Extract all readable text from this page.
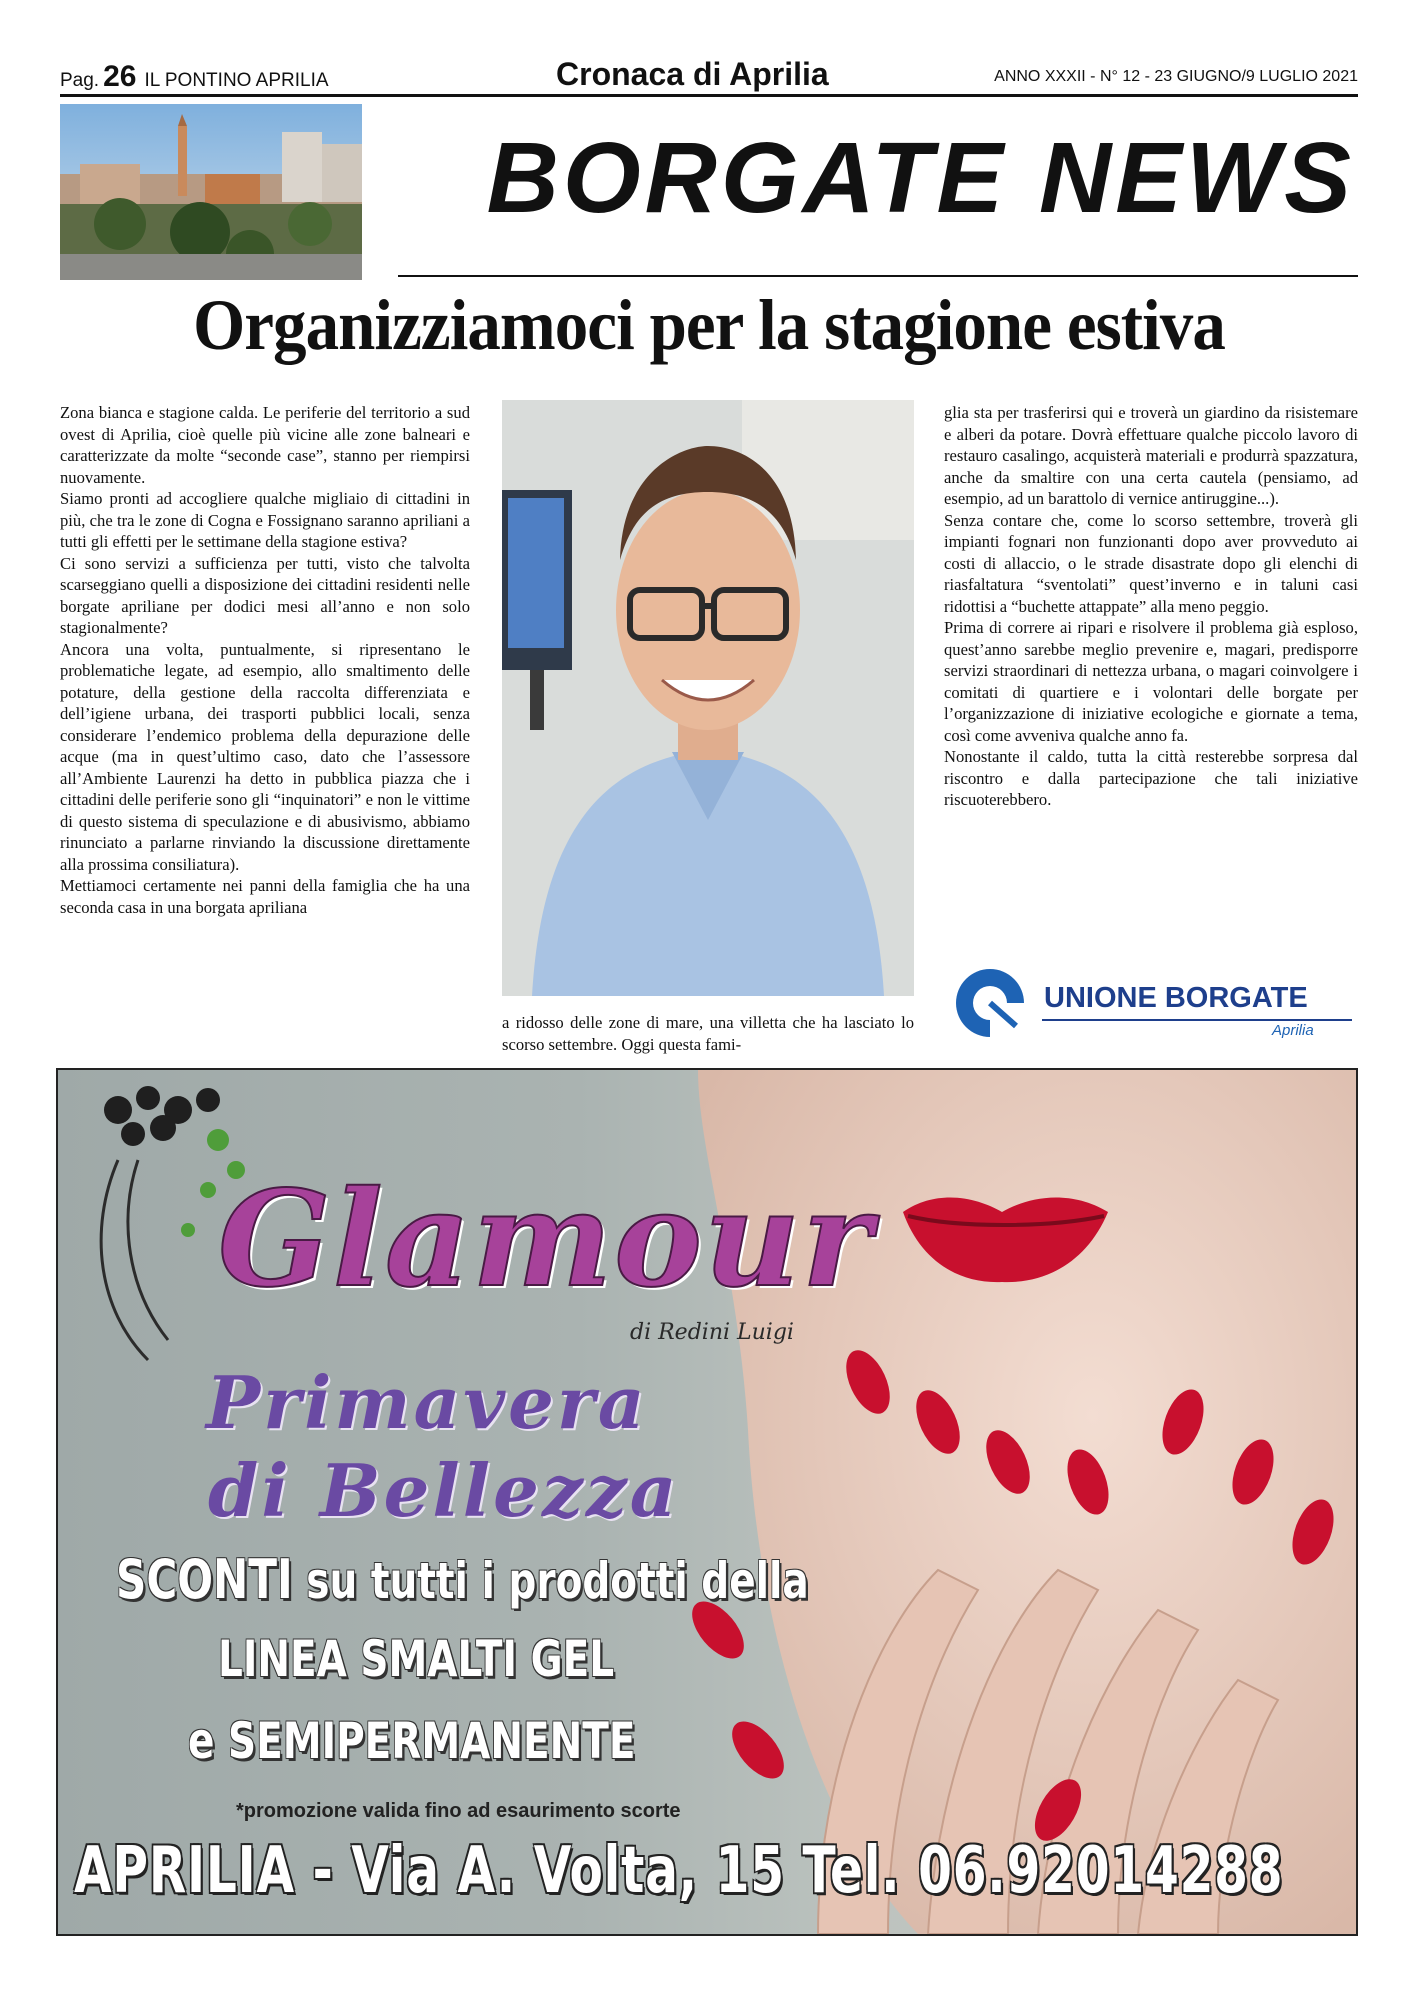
Pag. 26 IL PONTINO APRILIA	Cronaca di Aprilia	ANNO XXXII - N° 12 - 23 GIUGNO/9 LUGLIO 2021
BORGATE NEWS
Organizziamoci per la stagione estiva

Zona bianca e stagione calda. Le periferie del territorio a sud ovest di Aprilia, cioè quelle più vicine alle zone balneari e caratterizzate da molte “seconde case”, stanno per riempirsi nuovamente.

Siamo pronti ad accogliere qualche migliaio di cittadini in più, che tra le zone di Cogna e Fossignano saranno apriliani a tutti gli effetti per le settimane della stagione estiva?

Ci sono servizi a sufficienza per tutti, visto che talvolta scarseggiano quelli a disposizione dei cittadini residenti nelle borgate apriliane per dodici mesi all’anno e non solo stagionalmente?

Ancora una volta, puntualmente, si ripresentano le problematiche legate, ad esempio, allo smaltimento delle potature, della gestione della raccolta differenziata e dell’igiene urbana, dei trasporti pubblici locali, senza considerare l’endemico problema della depurazione delle acque (ma in quest’ultimo caso, dato che l’assessore all’Ambiente Laurenzi ha detto in pubblica piazza che i cittadini delle periferie sono gli “inquinatori” e non le vittime di questo sistema di speculazione e di abusivismo, abbiamo rinunciato a parlarne rinviando la discussione direttamente alla prossima consiliatura).

Mettiamoci certamente nei panni della famiglia che ha una seconda casa in una borgata apriliana

a ridosso delle zone di mare, una villetta che ha lasciato lo scorso settembre. Oggi questa fami-

glia sta per trasferirsi qui e troverà un giardino da risistemare e alberi da potare. Dovrà effettuare qualche piccolo lavoro di restauro casalingo, acquisterà materiali e produrrà spazzatura, anche da smaltire con una certa cautela (pensiamo, ad esempio, ad un barattolo di vernice antiruggine...).

Senza contare che, come lo scorso settembre, troverà gli impianti fognari non funzionanti dopo aver provveduto ai costi di allaccio, o le strade disastrate dopo gli elenchi di riasfaltatura “sventolati” quest’inverno e in taluni casi ridottisi a “buchette attappate” alla meno peggio.

Prima di correre ai ripari e risolvere il problema già esploso, quest’anno sarebbe meglio prevenire e, magari, predisporre servizi straordinari di nettezza urbana, o magari coinvolgere i comitati di quartiere e i volontari delle borgate per l’organizzazione di iniziative ecologiche e giornate a tema, così come avveniva qualche anno fa.

Nonostante il caldo, tutta la città resterebbe sorpresa dal riscontro e dalla partecipazione che tali iniziative riscuoterebbero.

UNIONE BORGATE
Aprilia
Glamour
di Redini Luigi
Primavera
di Bellezza
SCONTI su tutti i prodotti della
LINEA SMALTI GEL
e SEMIPERMANENTE
*promozione valida fino ad esaurimento scorte
APRILIA - Via A. Volta, 15 Tel. 06.92014288
